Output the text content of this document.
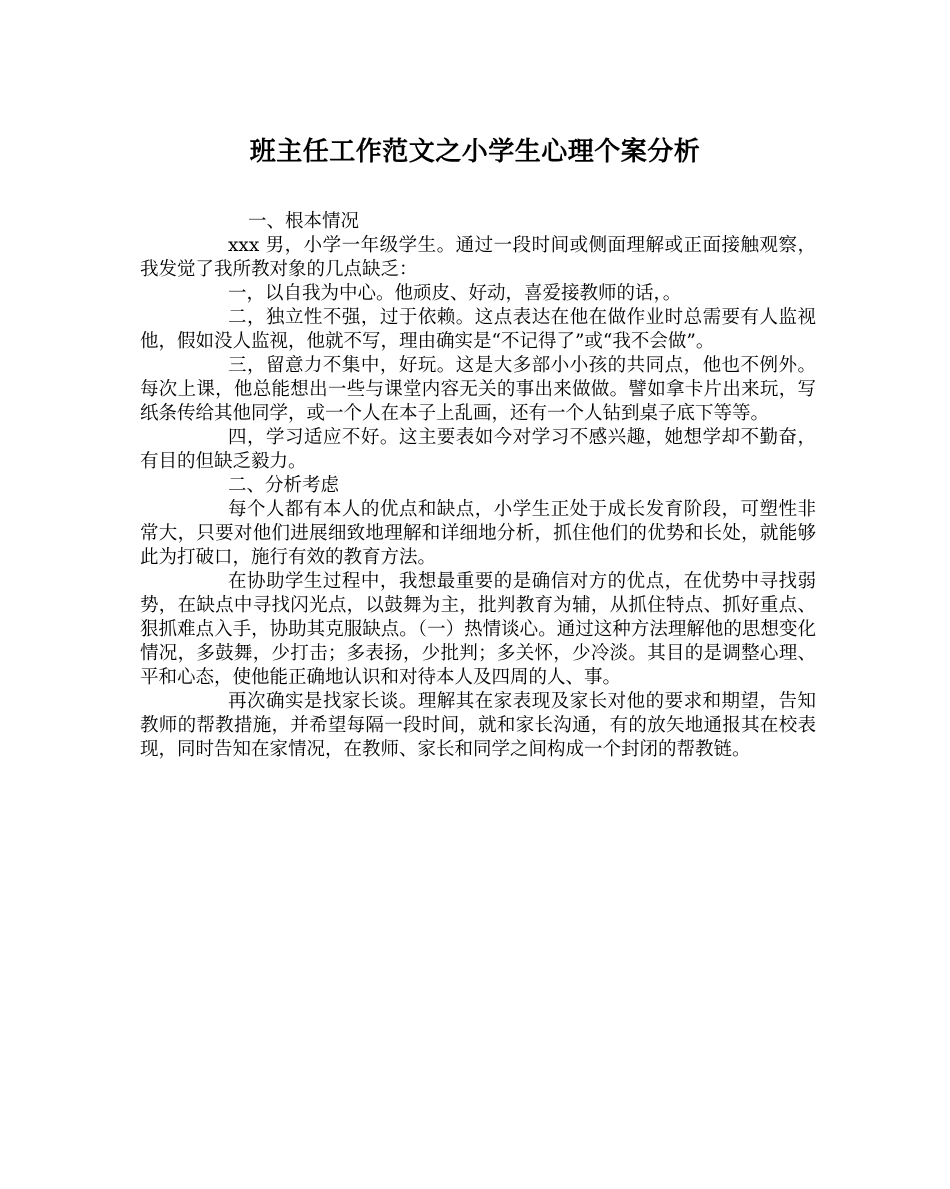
班主任工作范文之小学生心理个案分析

一、根本情况

xxx 男，小学一年级学生。通过一段时间或侧面理解或正面接触观察，我发觉了我所教对象的几点缺乏：

一，以自我为中心。他顽皮、好动，喜爱接教师的话，。

二，独立性不强，过于依赖。这点表达在他在做作业时总需要有人监视他，假如没人监视，他就不写，理由确实是“不记得了”或“我不会做”。

三，留意力不集中，好玩。这是大多部小小孩的共同点，他也不例外。每次上课，他总能想出一些与课堂内容无关的事出来做做。譬如拿卡片出来玩，写纸条传给其他同学，或一个人在本子上乱画，还有一个人钻到桌子底下等等。

四，学习适应不好。这主要表如今对学习不感兴趣，她想学却不勤奋，有目的但缺乏毅力。

二、分析考虑

每个人都有本人的优点和缺点，小学生正处于成长发育阶段，可塑性非常大，只要对他们进展细致地理解和详细地分析，抓住他们的优势和长处，就能够此为打破口，施行有效的教育方法。

在协助学生过程中，我想最重要的是确信对方的优点，在优势中寻找弱势，在缺点中寻找闪光点，以鼓舞为主，批判教育为辅，从抓住特点、抓好重点、狠抓难点入手，协助其克服缺点。（一）热情谈心。通过这种方法理解他的思想变化情况，多鼓舞，少打击；多表扬，少批判；多关怀，少冷淡。其目的是调整心理、平和心态，使他能正确地认识和对待本人及四周的人、事。

再次确实是找家长谈。理解其在家表现及家长对他的要求和期望，告知教师的帮教措施，并希望每隔一段时间，就和家长沟通，有的放矢地通报其在校表现，同时告知在家情况，在教师、家长和同学之间构成一个封闭的帮教链。
